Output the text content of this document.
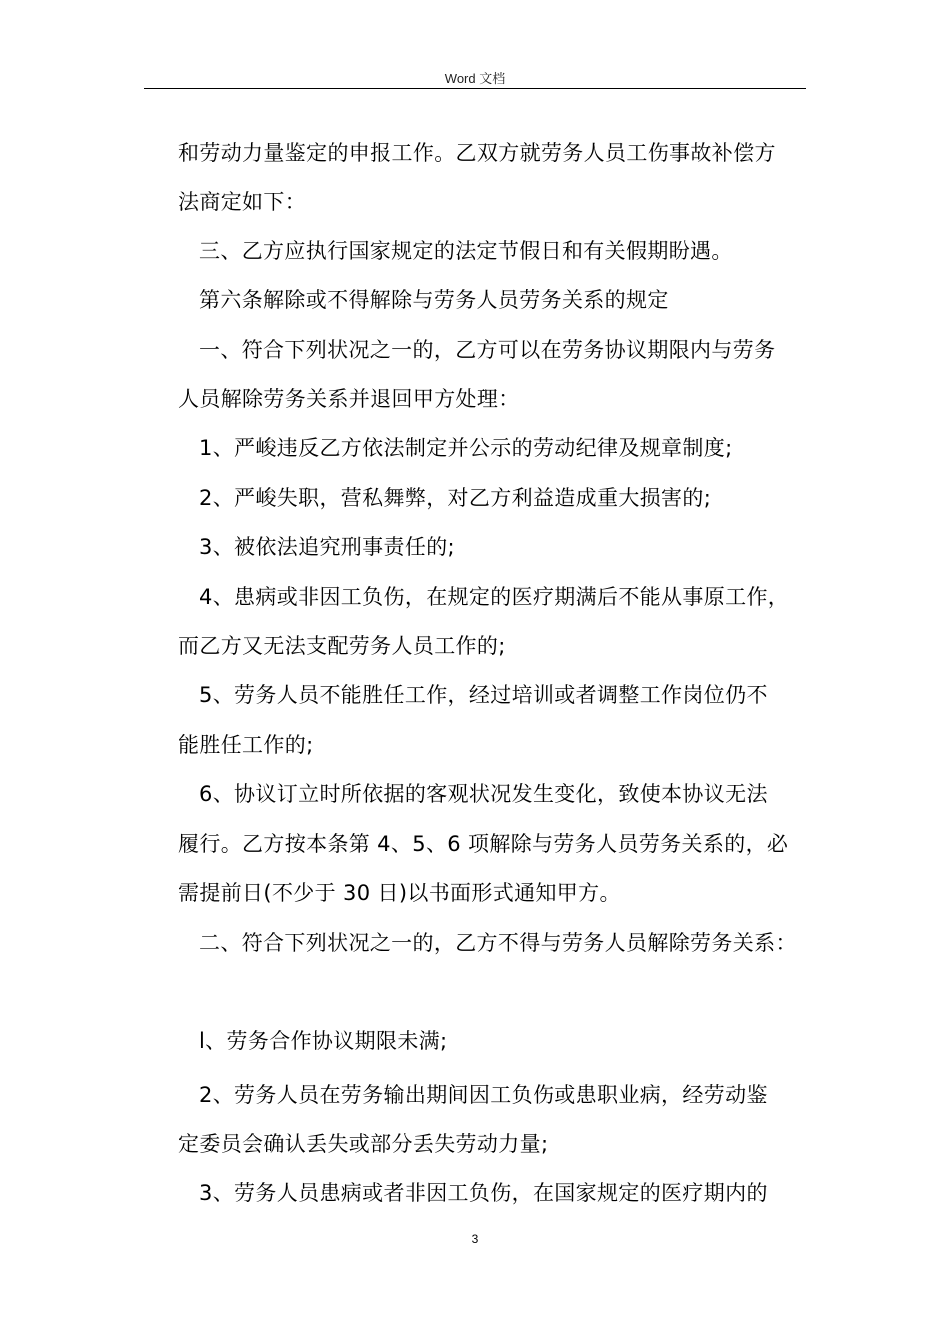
Word 文档
和劳动力量鉴定的申报工作。乙双方就劳务人员工伤事故补偿方
法商定如下：
三、乙方应执行国家规定的法定节假日和有关假期盼遇。
第六条解除或不得解除与劳务人员劳务关系的规定
一、符合下列状况之一的，乙方可以在劳务协议期限内与劳务
人员解除劳务关系并退回甲方处理：
1、严峻违反乙方依法制定并公示的劳动纪律及规章制度;
2、严峻失职，营私舞弊，对乙方利益造成重大损害的;
3、被依法追究刑事责任的;
4、患病或非因工负伤，在规定的医疗期满后不能从事原工作，
而乙方又无法支配劳务人员工作的;
5、劳务人员不能胜任工作，经过培训或者调整工作岗位仍不
能胜任工作的;
6、协议订立时所依据的客观状况发生变化，致使本协议无法
履行。乙方按本条第 4、5、6 项解除与劳务人员劳务关系的，必
需提前日(不少于 30 日)以书面形式通知甲方。
二、符合下列状况之一的，乙方不得与劳务人员解除劳务关系：
l、劳务合作协议期限未满;
2、劳务人员在劳务输出期间因工负伤或患职业病，经劳动鉴
定委员会确认丢失或部分丢失劳动力量;
3、劳务人员患病或者非因工负伤，在国家规定的医疗期内的
3
